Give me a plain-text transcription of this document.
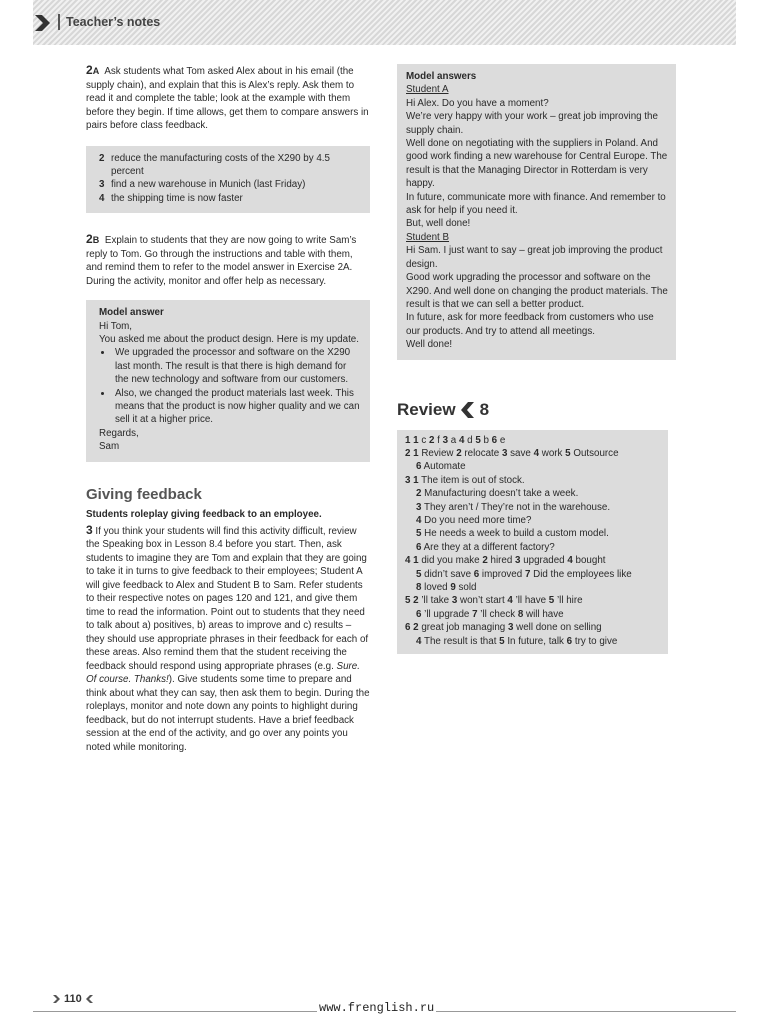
Teacher’s notes

2A Ask students what Tom asked Alex about in his email (the supply chain), and explain that this is Alex’s reply. Ask them to read it and complete the table; look at the example with them before they begin. If time allows, get them to compare answers in pairs before class feedback.

2 reduce the manufacturing costs of the X290 by 4.5 percent
3 find a new warehouse in Munich (last Friday)
4 the shipping time is now faster

2B Explain to students that they are now going to write Sam’s reply to Tom. Go through the instructions and table with them, and remind them to refer to the model answer in Exercise 2A. During the activity, monitor and offer help as necessary.

Model answer
Hi Tom,
You asked me about the product design. Here is my update.
• We upgraded the processor and software on the X290 last month. The result is that there is high demand for the new technology and software from our customers.
• Also, we changed the product materials last week. This means that the product is now higher quality and we can sell it at a higher price.
Regards,
Sam
Giving feedback
Students roleplay giving feedback to an employee.

3 If you think your students will find this activity difficult, review the Speaking box in Lesson 8.4 before you start. Then, ask students to imagine they are Tom and explain that they are going to take it in turns to give feedback to their employees; Student A will give feedback to Alex and Student B to Sam. Refer students to their respective notes on pages 120 and 121, and give them time to read the information. Point out to students that they need to talk about a) positives, b) areas to improve and c) results – they should use appropriate phrases in their feedback for each of these areas. Also remind them that the student receiving the feedback should respond using appropriate phrases (e.g. Sure. Of course. Thanks!). Give students some time to prepare and think about what they can say, then ask them to begin. During the roleplays, monitor and note down any points to highlight during feedback, but do not interrupt students. Have a brief feedback session at the end of the activity, and go over any points you noted while monitoring.

Model answers
Student A
Hi Alex. Do you have a moment?
We’re very happy with your work – great job improving the supply chain.
Well done on negotiating with the suppliers in Poland. And good work finding a new warehouse for Central Europe. The result is that the Managing Director in Rotterdam is very happy.
In future, communicate more with finance. And remember to ask for help if you need it.
But, well done!
Student B
Hi Sam. I just want to say – great job improving the product design.
Good work upgrading the processor and software on the X290. And well done on changing the product materials. The result is that we can sell a better product.
In future, ask for more feedback from customers who use our products. And try to attend all meetings.
Well done!
Review 8
1 1 c 2 f 3 a 4 d 5 b 6 e
2 1 Review 2 relocate 3 save 4 work 5 Outsource
6 Automate
3 1 The item is out of stock.
2 Manufacturing doesn’t take a week.
3 They aren’t / They’re not in the warehouse.
4 Do you need more time?
5 He needs a week to build a custom model.
6 Are they at a different factory?
4 1 did you make 2 hired 3 upgraded 4 bought
5 didn’t save 6 improved 7 Did the employees like
8 loved 9 sold
5 2 ’ll take 3 won’t start 4 ’ll have 5 ’ll hire
6 ’ll upgrade 7 ’ll check 8 will have
6 2 great job managing 3 well done on selling
4 The result is that 5 In future, talk 6 try to give
110
www.frenglish.ru
